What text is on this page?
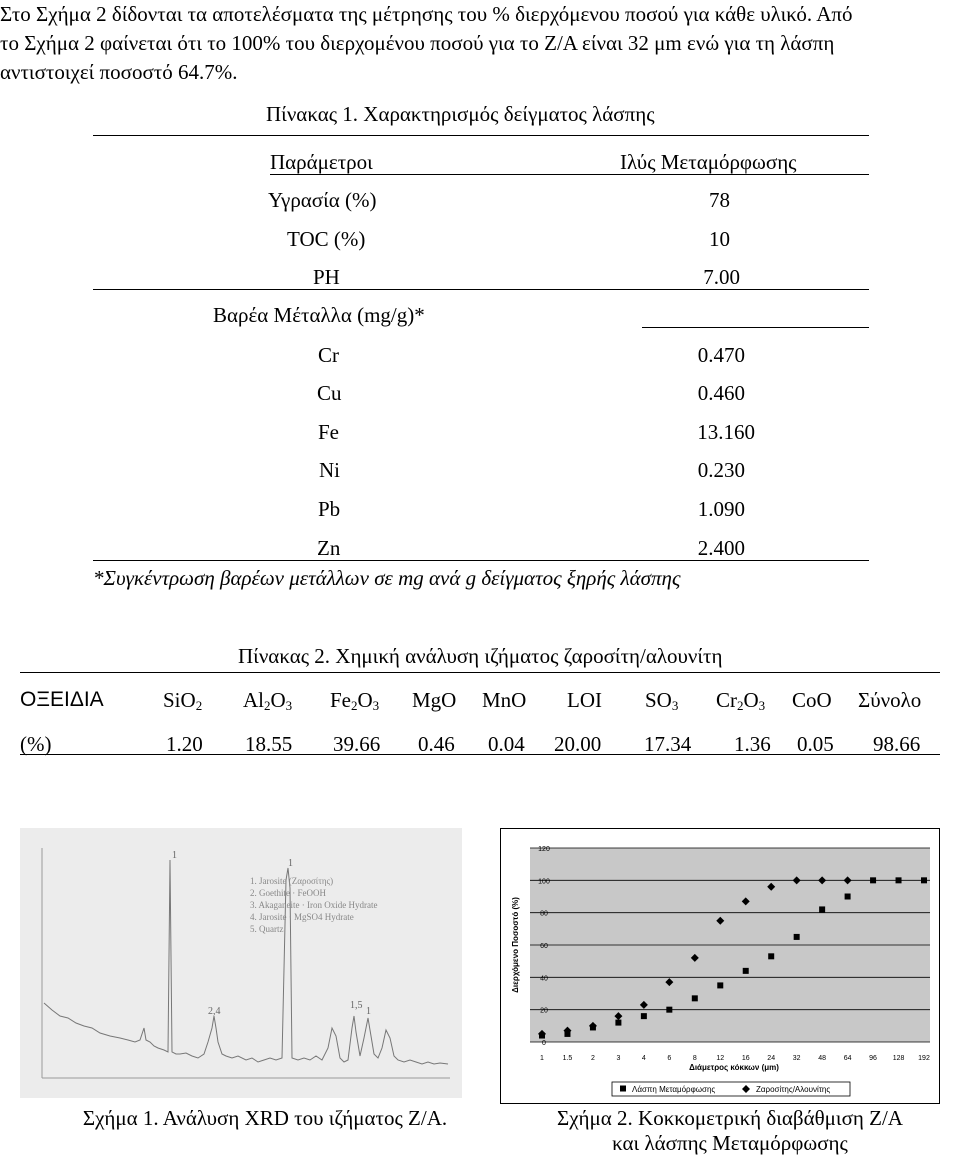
Στο Σχήμα 2 δίδονται τα αποτελέσματα της μέτρησης του % διερχόμενου ποσού για κάθε υλικό. Από
το Σχήμα 2 φαίνεται ότι το 100% του διερχομένου ποσού για το Ζ/Α είναι 32 μm ενώ για τη λάσπη
αντιστοιχεί ποσοστό 64.7%.
Πίνακας 1. Χαρακτηρισμός δείγματος λάσπης
Παράμετροι	Ιλύς Μεταμόρφωσης
Υγρασία (%)	78
TOC (%)	10
PH	7.00
Βαρέα Μέταλλα (mg/g)*
Cr	0.470
Cu	0.460
Fe	13.160
Ni	0.230
Pb	1.090
Zn	2.400
*Συγκέντρωση βαρέων μετάλλων σε mg ανά g δείγματος ξηρής λάσπης
Πίνακας 2. Χημική ανάλυση ιζήματος ζαροσίτη/αλουνίτη
ΟΞΕΙΔΙΑ	SiO$_2$ $Al_2O_3$ $Fe_2O_3$ MgO MnO LOI $SO_3$ $Cr_2O_3$ CoO Σύνολο
(%)	1.20 18.55 39.66 0.46 0.04 20.00 17.34 1.36 0.05 98.66
1. Jarosite (Ζαροσίτης)
2. Goethite · FeOOH
3. Akaganeite · Iron Oxide Hydrate
4. Jarosite · MgSO4 Hydrate
5. Quartz
1
1
2,4
1,5
1
0
20
40
60
80
100
120
1	1.5	2	3	4	6	8	12	16	24	32	48	64	96 128 192
Διάμετρος κόκκων (μm)
Διερχόμενο Ποσοστό (%)
Λάσπη Μεταμόρφωσης	Ζαροσίτης/Αλουνίτης
Σχήμα 1. Ανάλυση XRD του ιζήματος Ζ/Α.	Σχήμα 2. Κοκκομετρική διαβάθμιση Ζ/Α
και λάσπης Μεταμόρφωσης
